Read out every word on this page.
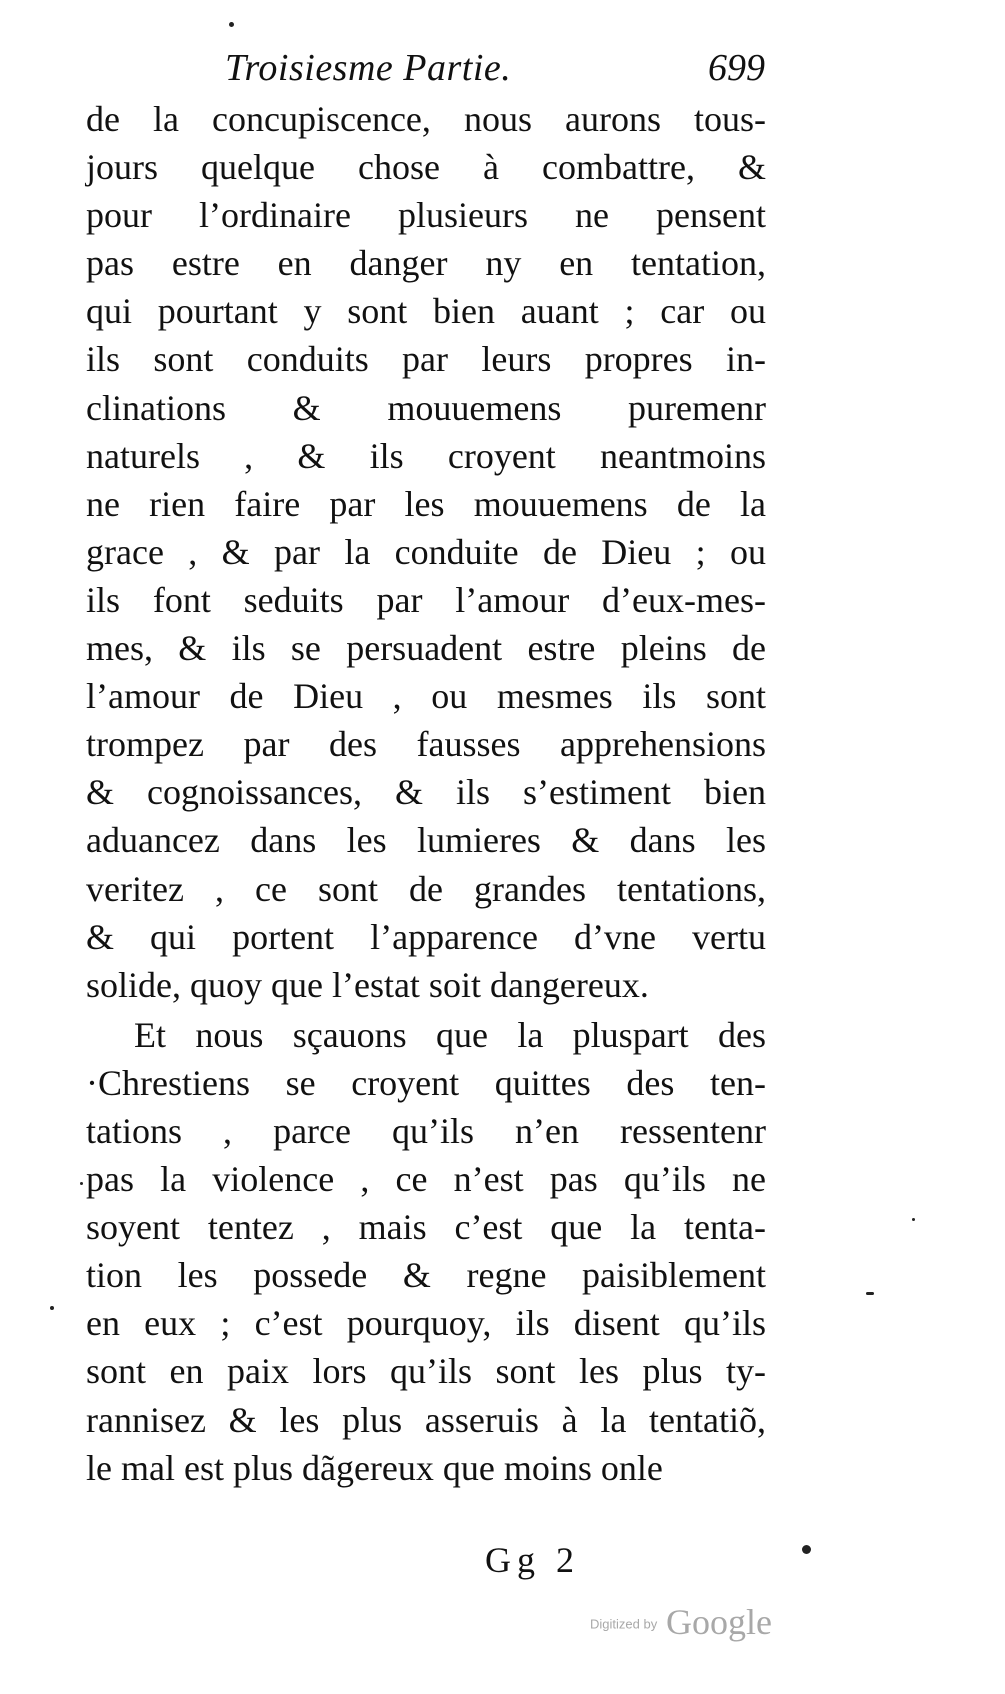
Troisiesme Partie.	699
de la concupiscence, nous aurons tous-
jours quelque chose à combattre, &
pour l’ordinaire plusieurs ne pensent
pas estre en danger ny en tentation,
qui pourtant y sont bien auant ; car ou
ils sont conduits par leurs propres in-
clinations & mouuemens puremenr
naturels , & ils croyent neantmoins
ne rien faire par les mouuemens de la
grace , & par la conduite de Dieu ; ou
ils font seduits par l’amour d’eux-mes-
mes, & ils se persuadent estre pleins de
l’amour de Dieu , ou mesmes ils sont
trompez par des fausses apprehensions
& cognoissances, & ils s’estiment bien
aduancez dans les lumieres & dans les
veritez , ce sont de grandes tentations,
& qui portent l’apparence d’vne vertu
solide, quoy que l’estat soit dangereux.
Et nous sçauons que la pluspart des
·Chrestiens se croyent quittes des ten-
tations , parce qu’ils n’en ressentenr
pas la violence , ce n’est pas qu’ils ne
soyent tentez , mais c’est que la tenta-
tion les possede & regne paisiblement
en eux ; c’est pourquoy, ils disent qu’ils
sont en paix lors qu’ils sont les plus ty-
rannisez & les plus asseruis à la tentatiõ,
le mal est plus dãgereux que moins onle
Gg 2
Digitized by Google
